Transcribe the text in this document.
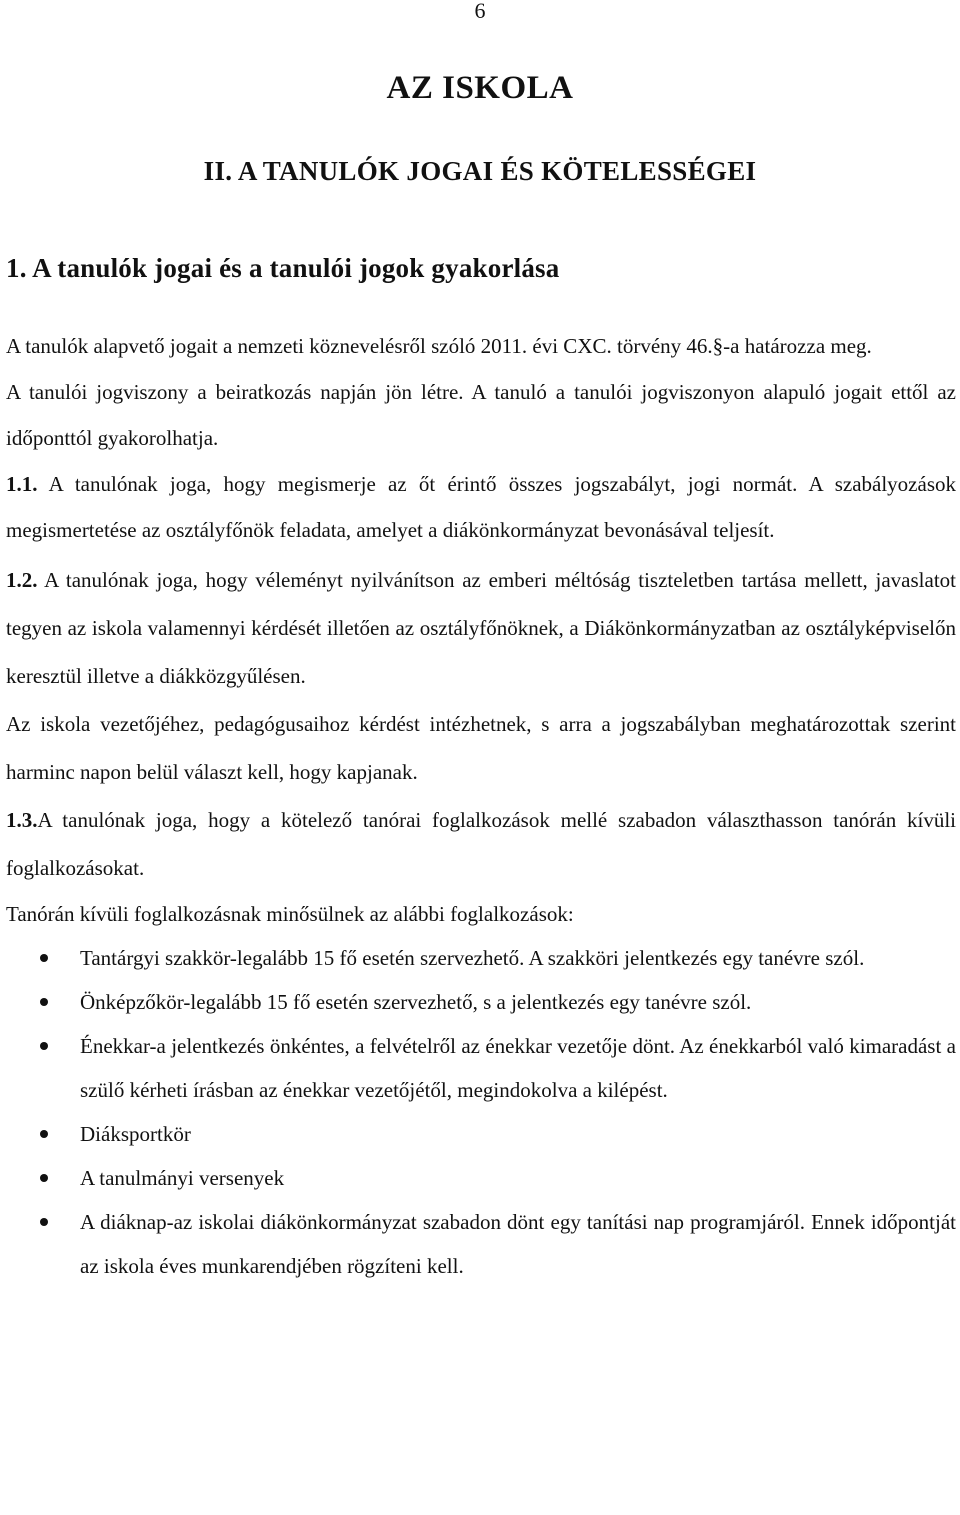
6
AZ ISKOLA
II. A TANULÓK JOGAI ÉS KÖTELESSÉGEI
1. A tanulók jogai és a tanulói jogok gyakorlása

A tanulók alapvető jogait a nemzeti köznevelésről szóló 2011. évi CXC. törvény 46.§-a határozza meg.

A tanulói jogviszony a beiratkozás napján jön létre. A tanuló a tanulói jogviszonyon alapuló jogait ettől az időponttól gyakorolhatja.

1.1. A tanulónak joga, hogy megismerje az őt érintő összes jogszabályt, jogi normát. A szabályozások megismertetése az osztályfőnök feladata, amelyet a diákönkormányzat bevonásával teljesít.

1.2. A tanulónak joga, hogy véleményt nyilvánítson az emberi méltóság tiszteletben tartása mellett, javaslatot tegyen az iskola valamennyi kérdését illetően az osztályfőnöknek, a Diákönkormányzatban az osztályképviselőn keresztül illetve a diákközgyűlésen.

Az iskola vezetőjéhez, pedagógusaihoz kérdést intézhetnek, s arra a jogszabályban meghatározottak szerint harminc napon belül választ kell, hogy kapjanak.

1.3.A tanulónak joga, hogy a kötelező tanórai foglalkozások mellé szabadon választhasson tanórán kívüli foglalkozásokat.

Tanórán kívüli foglalkozásnak minősülnek az alábbi foglalkozások:

Tantárgyi szakkör-legalább 15 fő esetén szervezhető. A szakköri jelentkezés egy tanévre szól.
Önképzőkör-legalább 15 fő esetén szervezhető, s a jelentkezés egy tanévre szól.
Énekkar-a jelentkezés önkéntes, a felvételről az énekkar vezetője dönt. Az énekkarból való kimaradást a szülő kérheti írásban az énekkar vezetőjétől, megindokolva a kilépést.
Diáksportkör
A tanulmányi versenyek
A diáknap-az iskolai diákönkormányzat szabadon dönt egy tanítási nap programjáról. Ennek időpontját az iskola éves munkarendjében rögzíteni kell.
